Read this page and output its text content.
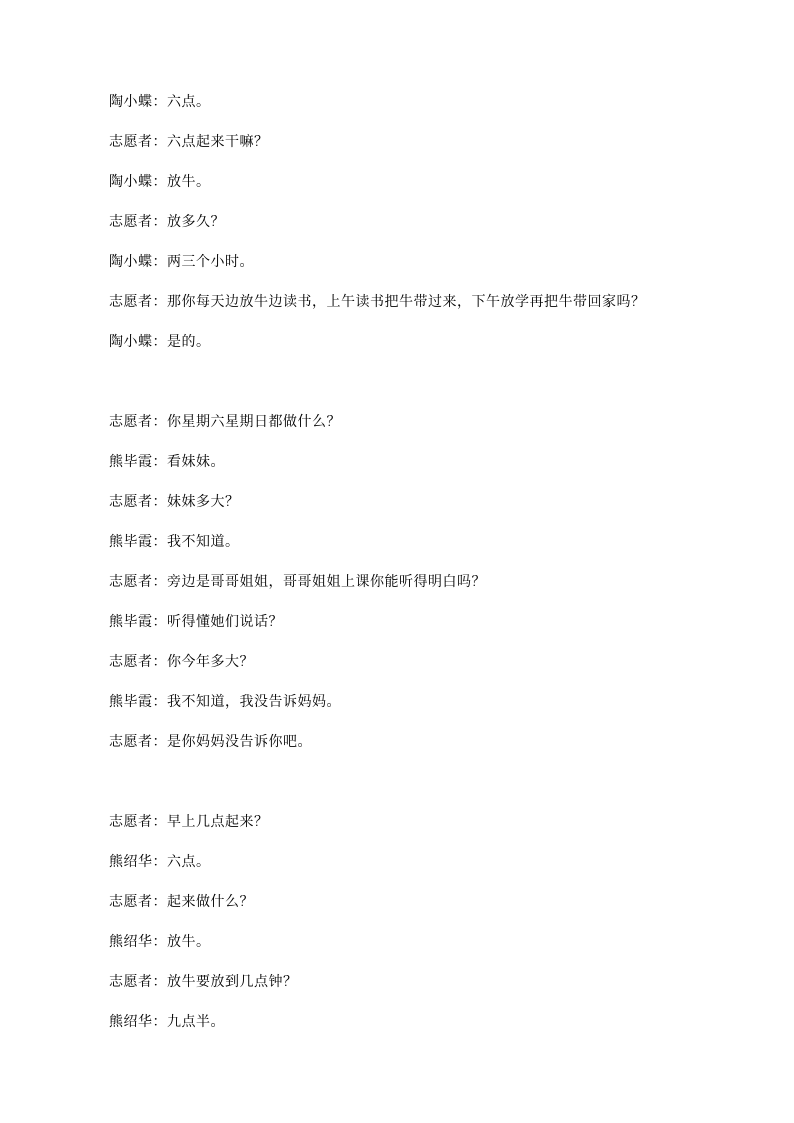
陶小蝶：六点。
志愿者：六点起来干嘛？
陶小蝶：放牛。
志愿者：放多久？
陶小蝶：两三个小时。
志愿者：那你每天边放牛边读书，上午读书把牛带过来，下午放学再把牛带回家吗？
陶小蝶：是的。
志愿者：你星期六星期日都做什么？
熊毕霞：看妹妹。
志愿者：妹妹多大？
熊毕霞：我不知道。
志愿者：旁边是哥哥姐姐，哥哥姐姐上课你能听得明白吗？
熊毕霞：听得懂她们说话？
志愿者：你今年多大？
熊毕霞：我不知道，我没告诉妈妈。
志愿者：是你妈妈没告诉你吧。
志愿者：早上几点起来？
熊绍华：六点。
志愿者：起来做什么？
熊绍华：放牛。
志愿者：放牛要放到几点钟？
熊绍华：九点半。
